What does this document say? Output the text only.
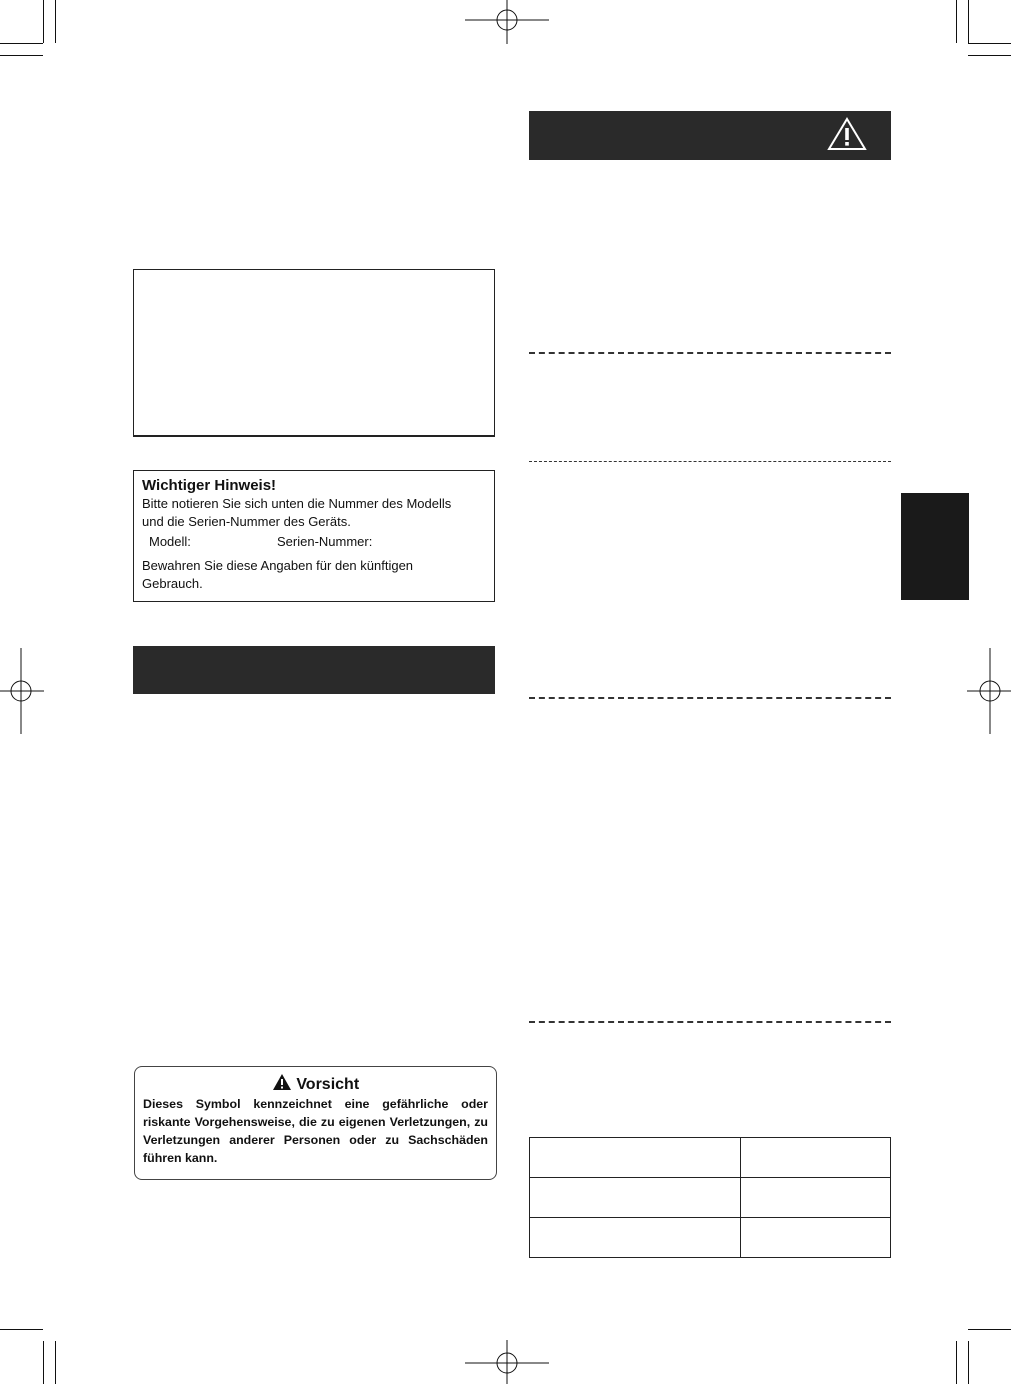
Wichtiger Hinweis!
Bitte notieren Sie sich unten die Nummer des Modells
und die Serien-Nummer des Geräts.
Modell:	Serien-Nummer:
Bewahren Sie diese Angaben für den künftigen
Gebrauch.
Vorsicht
Dieses Symbol kennzeichnet eine gefährliche oder riskante Vorgehensweise, die zu eigenen Verletzungen, zu Verletzungen anderer Personen oder zu Sachschäden führen kann.
